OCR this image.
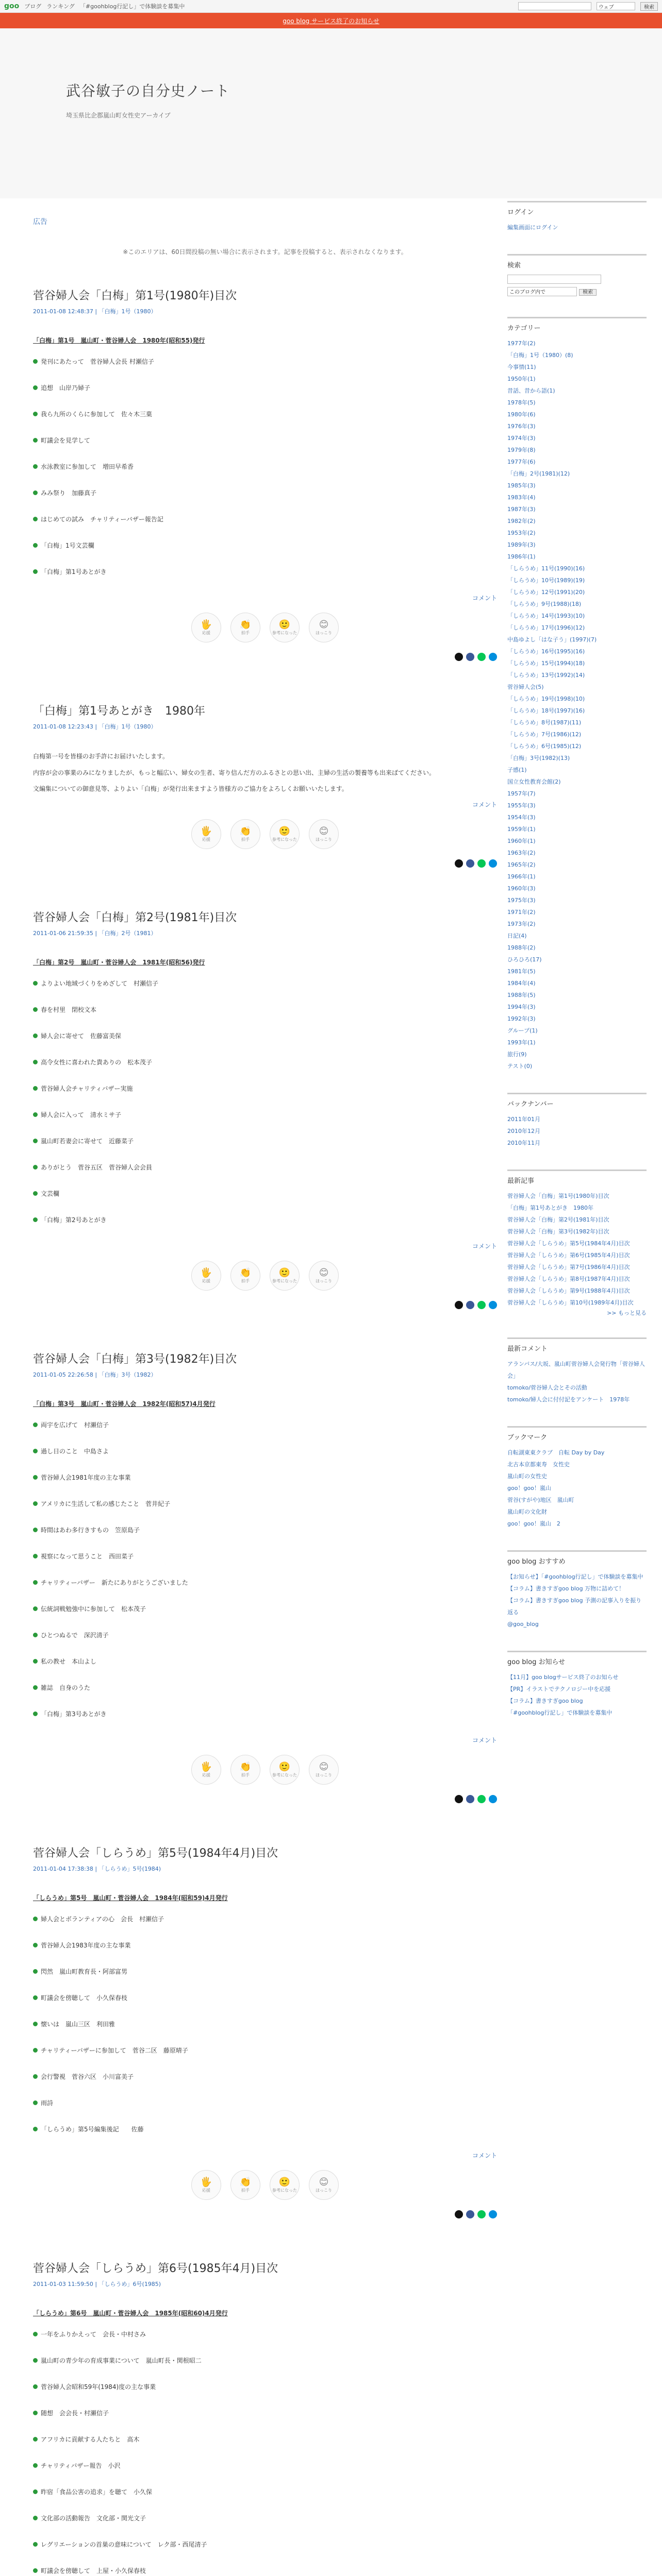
goo ブログ ランキング 「#goohblog行記し」で体験談を募集中	ウェブ	検索
goo blog サービス終了のお知らせ
武谷敏子の自分史ノート
埼玉県比企郡嵐山町女性史アーカイブ
広告
※このエリアは、60日間投稿の無い場合に表示されます。記事を投稿すると、表示されなくなります。
菅谷婦人会「白梅」第1号(1980年)目次
2011-01-08 12:48:37 | 「白梅」1号（1980）
「白梅」第1号　嵐山町・菅谷婦人会　1980年(昭和55)発行
発刊にあたって　菅谷婦人会長 村瀬信子
追想　山岸乃婦子
我ら九所のくらに参加して　佐々木三菓
町議会を見学して
水泳教室に参加して　増田早希香
みみ祭り　加藤真子
はじめての試み　チャリティーバザー報告記
「白梅」1号文芸欄
「白梅」第1号あとがき
コメント
🖐
応援
👏
拍手
🙂
参考になった
😊
ほっこり
「白梅」第1号あとがき　1980年
2011-01-08 12:23:43 | 「白梅」1号（1980）
白梅第一号を皆様のお手許にお届けいたします。
内容が会の事業のみになりましたが、もっと幅広い、婦女の生者、寄り信んだ方のふるさとの思い出、主婦の生活の製養等も出来ばてください。
文編集についての御意見等、よりよい「白梅」が発行出来ますよう皆様方のご協力をよろしくお願いいたします。
コメント
🖐
応援
👏
拍手
🙂
参考になった
😊
ほっこり
菅谷婦人会「白梅」第2号(1981年)目次
2011-01-06 21:59:35 | 「白梅」2号（1981）
「白梅」第2号　嵐山町・菅谷婦人会　1981年(昭和56)発行
よりよい地域づくりをめざして　村瀬信子
春を村里　閉校文本
婦人会に寄せて　佐藤富美保
高令女性に喜われた貴ありの　松本茂子
菅谷婦人会チャリティバザー実施
婦人会に入って　清水ミサ子
嵐山町若妻会に寄せて　近藤菜子
ありがとう　菅谷五区　菅谷婦人会会員
文芸欄
「白梅」第2号あとがき
コメント
🖐
応援
👏
拍手
🙂
参考になった
😊
ほっこり
菅谷婦人会「白梅」第3号(1982年)目次
2011-01-05 22:26:58 | 「白梅」3号（1982）
「白梅」第3号　嵐山町・菅谷婦人会　1982年(昭和57)4月発行
両宇を広げて　村瀬信子
過し日のこと　中島さよ
菅谷婦人会1981年度の主な事業
アメリカに生活して私の感じたこと　菅井紀子
時間はあわ多行きすもの　笠原島子
視察になって思うこと　西田菜子
チャリティーバザー　新たにありがとうございました
伝統詞戦勉強中に参加して　松本茂子
ひとつぬるで　深沢清子
私の教せ　本山よし
雑誌　自身のうた
「白梅」第3号あとがき
コメント
🖐
応援
👏
拍手
🙂
参考になった
😊
ほっこり
菅谷婦人会「しらうめ」第5号(1984年4月)目次
2011-01-04 17:38:38 | 「しらうめ」5号(1984)
「しらうめ」第5号　嵐山町・菅谷婦人会　1984年(昭和59)4月発行
婦人会とボランティアの心　会長　村瀬信子
菅谷婦人会1983年度の主な事業
閃然　嵐山町教育長・阿部富男
町議会を傍聴して　小久保春枝
懐いは　嵐山三区　利田雅
チャリティーバザーに参加して　菅谷二区　藤原晴子
会行警視　菅谷六区　小川富美子
雨詩
「しらうめ」第5号編集後記　　佐藤
コメント
🖐
応援
👏
拍手
🙂
参考になった
😊
ほっこり
菅谷婦人会「しらうめ」第6号(1985年4月)目次
2011-01-03 11:59:50 | 「しらうめ」6号(1985)
「しらうめ」第6号　嵐山町・菅谷婦人会　1985年(昭和60)4月発行
一年をふりかえって　会長・中村さみ
嵐山町の青少年の育成事業について　嵐山町長・関根昭二
菅谷婦人会昭和59年(1984)度の主な事業
随想　会会長・村瀬信子
アフリカに貢献する人たちと　高木
チャリティバザー報告　小沢
昨宿「食品公害の追求」を聴て　小久保
文化部の活動報告　文化部・関光文子
レグリエーションの首巣の意味について　レク部・西尾清子
町議会を傍聴して　上屋・小久保春枝
ログイン
編集画面にログイン
検索
このブログ内で	検索
カテゴリー
1977年(2)
「白梅」1号（1980）(8)
今事情(11)
1950年(1)
昔話、昔から語(1)
1978年(5)
1980年(6)
1976年(3)
1974年(3)
1979年(8)
1977年(6)
「白梅」2号(1981)(12)
1985年(3)
1983年(4)
1987年(3)
1982年(2)
1953年(2)
1989年(3)
1986年(1)
「しらうめ」11号(1990)(16)
「しらうめ」10号(1989)(19)
「しらうめ」12号(1991)(20)
「しらうめ」9号(1988)(18)
「しらうめ」14号(1993)(10)
「しらうめ」17号(1996)(12)
中島ゆよし「はな子う」(1997)(7)
「しらうめ」16号(1995)(16)
「しらうめ」15号(1994)(18)
「しらうめ」13号(1992)(14)
菅谷婦人会(5)
「しらうめ」19号(1998)(10)
「しらうめ」18号(1997)(16)
「しらうめ」8号(1987)(11)
「しらうめ」7号(1986)(12)
「しらうめ」6号(1985)(12)
「白梅」3号(1982)(13)
子感(1)
国立女性教育会館(2)
1957年(7)
1955年(3)
1954年(3)
1959年(1)
1960年(1)
1963年(2)
1965年(2)
1966年(1)
1960年(3)
1975年(3)
1971年(2)
1973年(2)
日記(4)
1988年(2)
ひろひろ(17)
1981年(5)
1984年(4)
1988年(5)
1994年(3)
1992年(3)
グループ(1)
1993年(1)
旅行(9)
テスト(0)
バックナンバー
2011年01月
2010年12月
2010年11月
最新記事
菅谷婦人会「白梅」第1号(1980年)目次
「白梅」第1号あとがき　1980年
菅谷婦人会「白梅」第2号(1981年)目次
菅谷婦人会「白梅」第3号(1982年)目次
菅谷婦人会「しらうめ」第5号(1984年4月)目次
菅谷婦人会「しらうめ」第6号(1985年4月)目次
菅谷婦人会「しらうめ」第7号(1986年4月)目次
菅谷婦人会「しらうめ」第8号(1987年4月)目次
菅谷婦人会「しらうめ」第9号(1988年4月)目次
菅谷婦人会「しらうめ」第10号(1989年4月)目次
>> もっと見る
最新コメント
アランバス/大坂、嵐山町菅谷婦人会発行物「菅谷婦人会」
tomoko/菅谷婦人会とその活動
tomoko/婦人会に付付記をアンケート　1978年
ブックマーク
自転湖東東クラブ　自転 Day by Day
北古本京都東寿　女性史
嵐山町の女性史
goo！goo！嵐山
菅谷(すがや)地区　嵐山町
嵐山町の文化財
goo！goo！嵐山　2
goo blog おすすめ
【お知らせ】「#goohblog行記し」で体験談を募集中
【コラム】書きすぎgoo blog 万物に詰めて！
【コラム】書きすぎgoo blog 予測の記事入りを振り返る
@goo_blog
goo blog お知らせ
【11月】goo blogサービス終了のお知らせ
【PR】イラストでテクノロジー中を応援
【コラム】書きすぎgoo blog
「#goohblog行記し」で体験談を募集中
